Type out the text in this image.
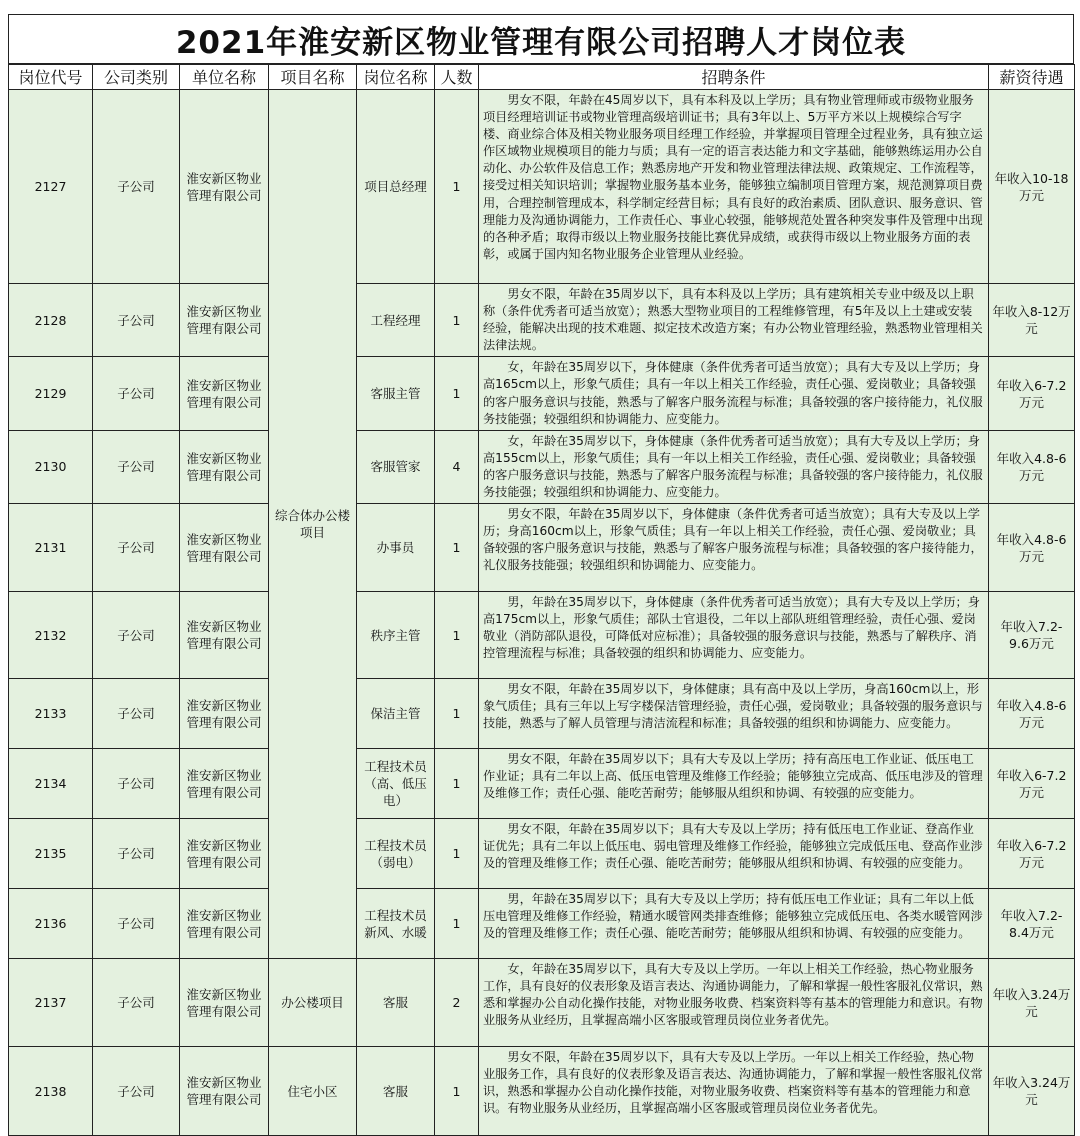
2021年淮安新区物业管理有限公司招聘人才岗位表
岗位代号	公司类别	单位名称	项目名称	岗位名称	人数	招聘条件	薪资待遇
2127	子公司	淮安新区物业管理有限公司	综合体办公楼项目	项目总经理	1	男女不限，年龄在45周岁以下，具有本科及以上学历；具有物业管理师或市级物业服务项目经理培训证书或物业管理高级培训证书；具有3年以上、5万平方米以上规模综合写字楼、商业综合体及相关物业服务项目经理工作经验，并掌握项目管理全过程业务，具有独立运作区域物业规模项目的能力与质；具有一定的语言表达能力和文字基础，能够熟练运用办公自动化、办公软件及信息工作；熟悉房地产开发和物业管理法律法规、政策规定、工作流程等，接受过相关知识培训；掌握物业服务基本业务，能够独立编制项目管理方案，规范测算项目费用，合理控制管理成本，科学制定经营目标；具有良好的政治素质、团队意识、服务意识、管理能力及沟通协调能力，工作责任心、事业心较强，能够规范处置各种突发事件及管理中出现的各种矛盾；取得市级以上物业服务技能比赛优异成绩，或获得市级以上物业服务方面的表彰，或属于国内知名物业服务企业管理从业经验。	年收入10-18万元
2128	子公司	淮安新区物业管理有限公司		工程经理	1	男女不限，年龄在35周岁以下，具有本科及以上学历；具有建筑相关专业中级及以上职称（条件优秀者可适当放宽）；熟悉大型物业项目的工程维修管理，有5年及以上土建或安装经验，能解决出现的技术难题、拟定技术改造方案；有办公物业管理经验，熟悉物业管理相关法律法规。	年收入8-12万元
2129	子公司	淮安新区物业管理有限公司		客服主管	1	女，年龄在35周岁以下，身体健康（条件优秀者可适当放宽）；具有大专及以上学历；身高165cm以上，形象气质佳；具有一年以上相关工作经验，责任心强、爱岗敬业；具备较强的客户服务意识与技能，熟悉与了解客户服务流程与标准；具备较强的客户接待能力，礼仪服务技能强；较强组织和协调能力、应变能力。	年收入6-7.2万元
2130	子公司	淮安新区物业管理有限公司		客服管家	4	女，年龄在35周岁以下，身体健康（条件优秀者可适当放宽）；具有大专及以上学历；身高155cm以上，形象气质佳；具有一年以上相关工作经验，责任心强、爱岗敬业；具备较强的客户服务意识与技能，熟悉与了解客户服务流程与标准；具备较强的客户接待能力，礼仪服务技能强；较强组织和协调能力、应变能力。	年收入4.8-6万元
2131	子公司	淮安新区物业管理有限公司		办事员	1	男女不限，年龄在35周岁以下，身体健康（条件优秀者可适当放宽）；具有大专及以上学历；身高160cm以上，形象气质佳；具有一年以上相关工作经验，责任心强、爱岗敬业；具备较强的客户服务意识与技能，熟悉与了解客户服务流程与标准；具备较强的客户接待能力，礼仪服务技能强；较强组织和协调能力、应变能力。	年收入4.8-6万元
2132	子公司	淮安新区物业管理有限公司		秩序主管	1	男，年龄在35周岁以下，身体健康（条件优秀者可适当放宽）；具有大专及以上学历；身高175cm以上，形象气质佳；部队士官退役，二年以上部队班组管理经验，责任心强、爱岗敬业（消防部队退役，可降低对应标准）；具备较强的服务意识与技能，熟悉与了解秩序、消控管理流程与标准；具备较强的组织和协调能力、应变能力。	年收入7.2-9.6万元
2133	子公司	淮安新区物业管理有限公司		保洁主管	1	男女不限，年龄在35周岁以下，身体健康；具有高中及以上学历，身高160cm以上，形象气质佳；具有三年以上写字楼保洁管理经验，责任心强，爱岗敬业；具备较强的服务意识与技能，熟悉与了解人员管理与清洁流程和标准；具备较强的组织和协调能力、应变能力。	年收入4.8-6万元
2134	子公司	淮安新区物业管理有限公司		工程技术员（高、低压电）	1	男女不限，年龄在35周岁以下；具有大专及以上学历；持有高压电工作业证、低压电工作业证；具有二年以上高、低压电管理及维修工作经验；能够独立完成高、低压电涉及的管理及维修工作；责任心强、能吃苦耐劳；能够服从组织和协调、有较强的应变能力。	年收入6-7.2万元
2135	子公司	淮安新区物业管理有限公司		工程技术员（弱电）	1	男女不限，年龄在35周岁以下；具有大专及以上学历；持有低压电工作业证、登高作业证优先；具有二年以上低压电、弱电管理及维修工作经验，能够独立完成低压电、登高作业涉及的管理及维修工作；责任心强、能吃苦耐劳；能够服从组织和协调、有较强的应变能力。	年收入6-7.2万元
2136	子公司	淮安新区物业管理有限公司		工程技术员新风、水暖	1	男，年龄在35周岁以下；具有大专及以上学历；持有低压电工作业证；具有二年以上低压电管理及维修工作经验，精通水暖管网类排查维修；能够独立完成低压电、各类水暖管网涉及的管理及维修工作；责任心强、能吃苦耐劳；能够服从组织和协调、有较强的应变能力。	年收入7.2-8.4万元
2137	子公司	淮安新区物业管理有限公司	办公楼项目	客服	2	女，年龄在35周岁以下，具有大专及以上学历。一年以上相关工作经验，热心物业服务工作，具有良好的仪表形象及语言表达、沟通协调能力，了解和掌握一般性客服礼仪常识，熟悉和掌握办公自动化操作技能，对物业服务收费、档案资料等有基本的管理能力和意识。有物业服务从业经历，且掌握高端小区客服或管理员岗位业务者优先。	年收入3.24万元
2138	子公司	淮安新区物业管理有限公司	住宅小区	客服	1	男女不限，年龄在35周岁以下，具有大专及以上学历。一年以上相关工作经验，热心物业服务工作，具有良好的仪表形象及语言表达、沟通协调能力，了解和掌握一般性客服礼仪常识，熟悉和掌握办公自动化操作技能，对物业服务收费、档案资料等有基本的管理能力和意识。有物业服务从业经历，且掌握高端小区客服或管理员岗位业务者优先。	年收入3.24万元
